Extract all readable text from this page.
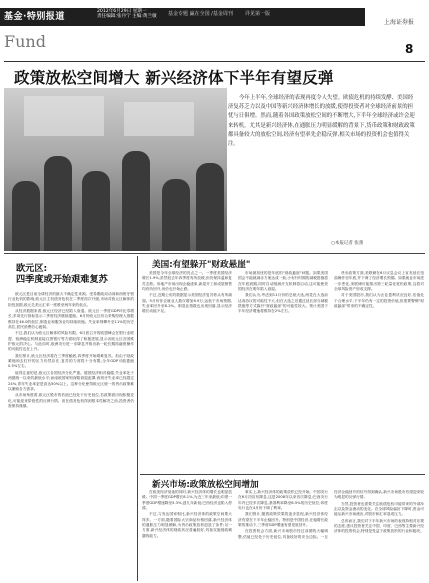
基金·特别报道
2012年6月29日 星期一
责任编辑:张丹宁 主编:黄兰敏	基金专题 赢在全国 /基金周刊	详见第一版
上海证券报
Fund	8
政策放松空间增大 新兴经济体下半年有望反弹
今年上半年,全球经济的表现再度令人失望。欧债危机的持续发酵、美国经济复苏乏力以及中国等新兴经济体增长的放缓,使得投资者对全球经济前景的担忧与日俱增。然而,随着各国政策放松空间的不断增大,下半年全球经济或许会迎来转机。尤其是新兴经济体,在通胀压力明显缓解的背景下,货币政策和财政政策都具备较大的放松空间,经济有望率先企稳反弹,相关市场的投资机会也值得关注。
○本报记者 张蕾
欧元区:
四季度或开始艰难复苏

欧元区是目前全球经济的最大不确定性来源。受希腊政局动荡和西班牙银行业危机的影响,欧元区主权债务危机在二季度再次升级,市场对欧元区解体的担忧加剧,欧元兑美元汇率一度跌至两年来的低点。

从经济数据来看,欧元区经济已经陷入衰退。欧元区一季度GDP环比零增长,多项先行指标显示二季度经济继续萎缩。6月份欧元区综合采购经理人指数维持在46.0的低位,制造业和服务业均持续收缩。失业率则攀升至11%的历史高位,居民消费信心疲弱。

不过,我们认为欧元区解体的风险有限。6月底召开的欧盟峰会在银行业联盟、欧洲稳定机制直接注资银行等方面取得了积极进展,显示出欧元区各国维护欧元的决心。与此同时,欧洲央行进一步降息并推出新一轮长期再融资操作的可能性也在上升。

我们预计,欧元区经济将在三季度触底,四季度开始艰难复苏。但由于财政紧缩和去杠杆的压力仍然存在,复苏的力度将十分有限,全年GDP可能萎缩0.5%左右。

值得注意的是,欧元区各国经济分化严重。德国经济相对稳健,失业率处于两德统一以来的最低水平;而南欧国家则深陷衰退泥潭,西班牙失业率已经超过24%,青年失业率更是高达50%以上。这种分化使得欧元区统一的货币政策难以兼顾各方需求。

从市场角度看,欧元区股市的估值已经处于历史低位,若政策面出现积极变化,可能迎来阶段性的反弹行情。但在债务危机得到根本性解决之前,投资者仍需保持谨慎。

美国:有望躲开"财政悬崖"

美国是今年全球经济的亮点之一。一季度美国经济增长1.9%,虽然较去年四季度有所放缓,但仍保持温和复苏态势。房地产市场出现企稳迹象,新屋开工和成屋销售均有所回升,房价也开始止跌。

不过,近期公布的数据显示美国经济复苏势头有所减弱。5月份非农就业人数仅增加6.9万,远低于市场预期,失业率回升至8.2%。制造业指数也出现回落,显示经济增长动能不足。

市场最担忧的是年底的"财政悬崖"问题。如果美国国会不能就减赤方案达成一致,小布什时期的减税措施将在年底到期,同时自动削减开支机制将启动,这可能使美国经济在明年陷入衰退。

我们认为,考虑到11月份的总统大选,两党在大选前达成协议的可能性不大,但在大选之后通过延长部分减税措施等方式躲开"财政悬崖"的可能性较大。预计美国下半年经济增速将维持在2%左右。

货币政策方面,美联储在6月议息会议上宣布延长扭曲操作至年底,并下调了经济增长预期。如果就业市场进一步恶化,美联储可能推出第三轮量化宽松政策,这将对全球风险资产形成支撑。

对于美国股市,我们认为企业盈利状况良好,估值处于合理水平,下半年仍有一定的投资价值,但需要警惕"财政悬崖"带来的不确定性。

新兴市场:政策放松空间增加

在欧美经济低迷的同时,新兴经济体的增长也明显放缓。中国一季度GDP增长8.1%,为近三年来最低;印度一季度GDP增速降至5.3%,创九年新低;巴西经济也陷入停滞。

不过,与发达国家相比,新兴经济体的政策空间要大得多。一方面,随着国际大宗商品价格回落,新兴经济体的通胀压力明显缓解,为货币政策放松创造了条件;另一方面,新兴经济体的财政状况普遍较好,具备实施财政刺激的能力。

事实上,新兴经济体的政策放松已经开始。中国央行在6月初宣布降息,这是2008年以来首次降息;巴西央行年内已经多次降息,基准利率降至8.5%的历史低位;印度央行也在4月份下调了利率。

我们预计,随着政策效果的逐步显现,新兴经济体经济有望在下半年企稳回升。特别是中国经济,在稳增长政策的推动下,三季度GDP增速有望见底回升。

在投资机会方面,新兴市场股市经过前期的大幅调整,估值已经处于历史低位,具备较好的安全边际。一旦经济企稳回升的信号得到确认,新兴市场股市有望迎来较为明显的反弹行情。

当然,投资者也需要关注欧债危机可能带来的外部冲击以及资金流动的变化。在全球风险偏好下降时,资金可能从新兴市场流出,对股市和汇率造成压力。

总体而言,我们对下半年新兴市场的表现持相对乐观的态度,建议投资者关注中国、印度、巴西等主要新兴经济体的投资机会,特别是受益于政策放松的行业和板块。
